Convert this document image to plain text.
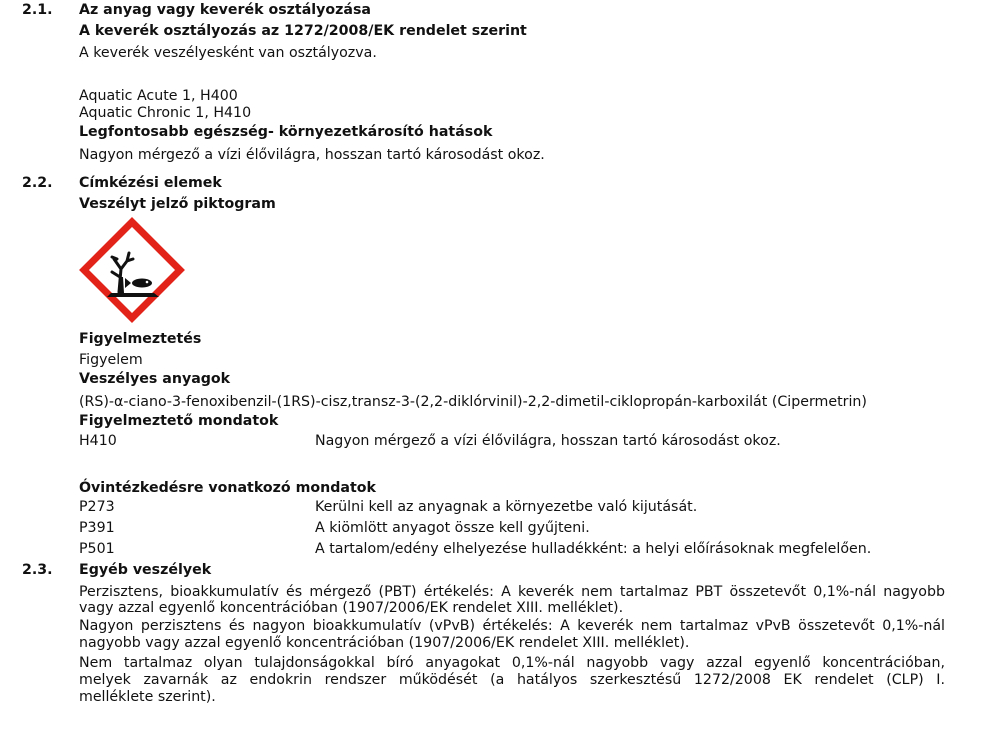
2.1. Az anyag vagy keverék osztályozása
A keverék osztályozás az 1272/2008/EK rendelet szerint
A keverék veszélyesként van osztályozva.
Aquatic Acute 1, H400
Aquatic Chronic 1, H410
Legfontosabb egészség- környezetkárosító hatások
Nagyon mérgező a vízi élővilágra, hosszan tartó károsodást okoz.
2.2. Címkézési elemek
Veszélyt jelző piktogram
Figyelmeztetés
Figyelem
Veszélyes anyagok
(RS)-α-ciano-3-fenoxibenzil-(1RS)-cisz,transz-3-(2,2-diklórvinil)-2,2-dimetil-ciklopropán-karboxilát (Cipermetrin)
Figyelmeztető mondatok
H410	Nagyon mérgező a vízi élővilágra, hosszan tartó károsodást okoz.
Óvintézkedésre vonatkozó mondatok
P273	Kerülni kell az anyagnak a környezetbe való kijutását.
P391	A kiömlött anyagot össze kell gyűjteni.
P501	A tartalom/edény elhelyezése hulladékként: a helyi előírásoknak megfelelően.
2.3. Egyéb veszélyek
Perzisztens, bioakkumulatív és mérgező (PBT) értékelés: A keverék nem tartalmaz PBT összetevőt 0,1%-nál nagyobb
vagy azzal egyenlő koncentrációban (1907/2006/EK rendelet XIII. melléklet).
Nagyon perzisztens és nagyon bioakkumulatív (vPvB) értékelés: A keverék nem tartalmaz vPvB összetevőt 0,1%-nál
nagyobb vagy azzal egyenlő koncentrációban (1907/2006/EK rendelet XIII. melléklet).
Nem tartalmaz olyan tulajdonságokkal bíró anyagokat 0,1%-nál nagyobb vagy azzal egyenlő koncentrációban,
melyek zavarnák az endokrin rendszer működését (a hatályos szerkesztésű 1272/2008 EK rendelet (CLP) I.
melléklete szerint).
